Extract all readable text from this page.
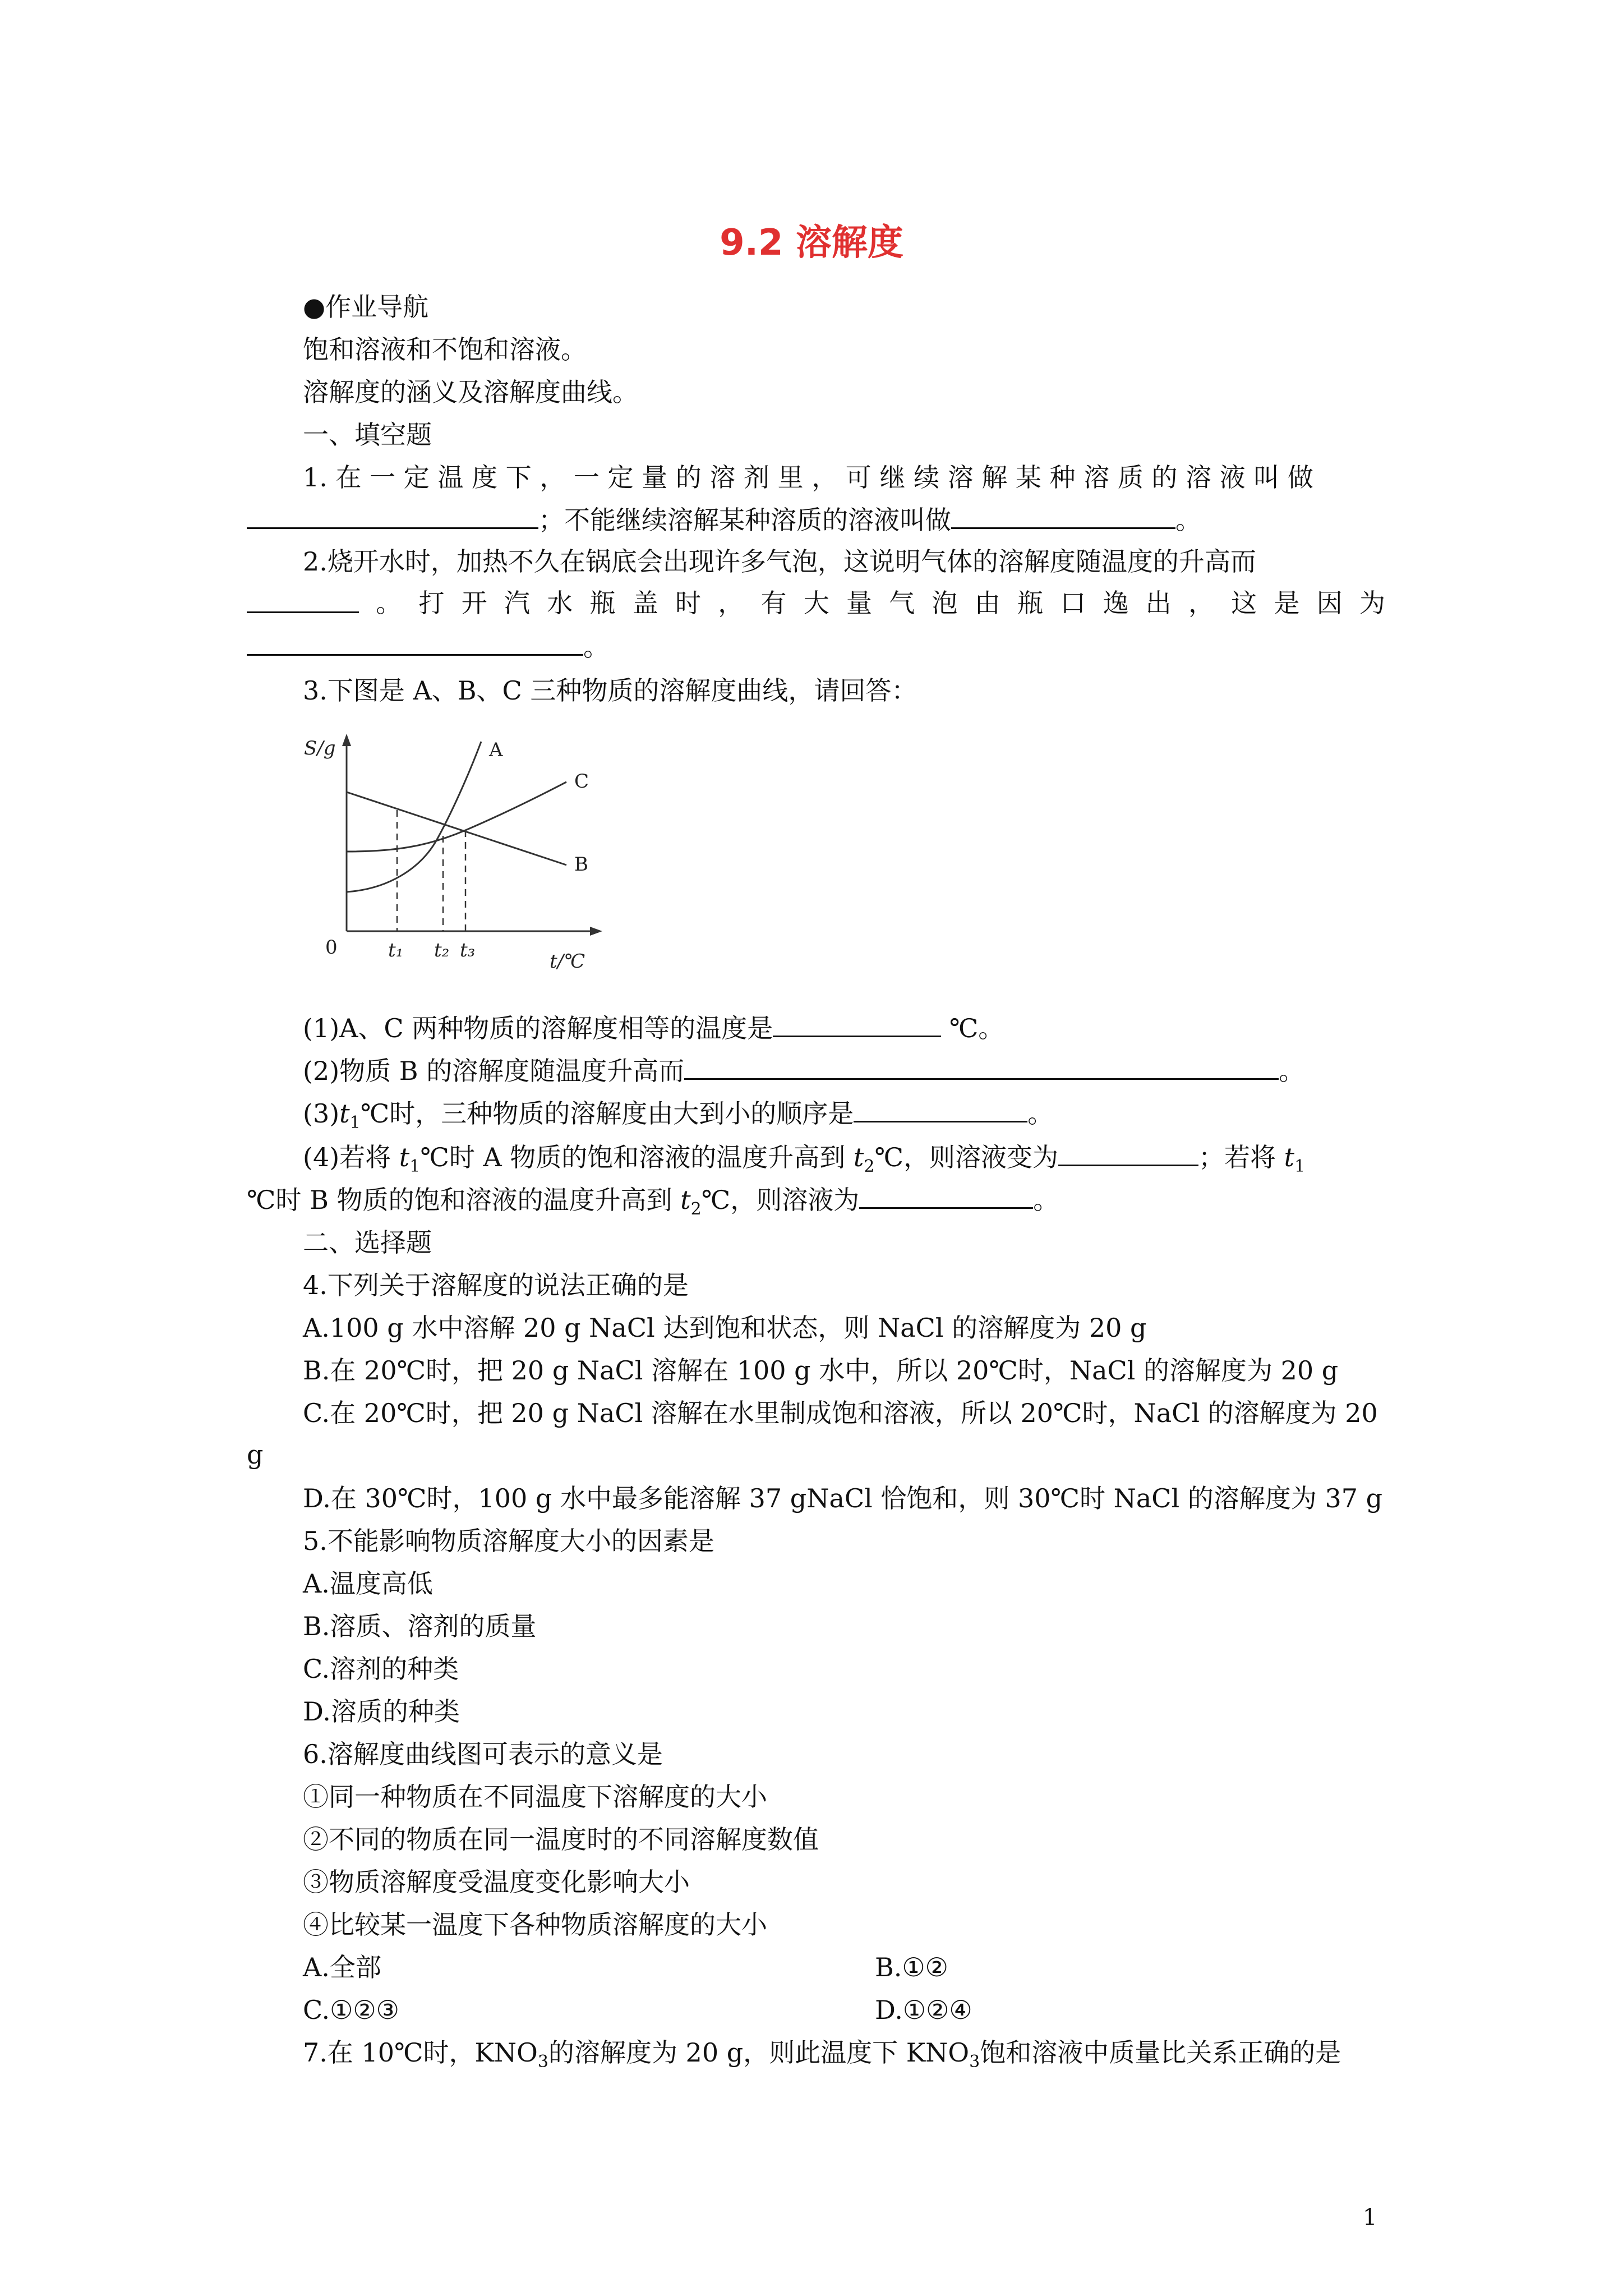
9.2 溶解度
●作业导航
饱和溶液和不饱和溶液。
溶解度的涵义及溶解度曲线。
一、填空题
1. 在 一 定 温 度 下 ， 一 定 量 的 溶 剂 里 ， 可 继 续 溶 解 某 种 溶 质 的 溶 液 叫 做
；不能继续溶解某种溶质的溶液叫做	。
2.烧开水时，加热不久在锅底会出现许多气泡，这说明气体的溶解度随温度的升高而
。 打 开 汽 水 瓶 盖 时 ， 有 大 量 气 泡 由 瓶 口 逸 出 ， 这 是 因 为
。
3.下图是 A、B、C 三种物质的溶解度曲线，请回答：
S/g
t/℃
0
A
C
B
t₁ t₂ t₃
(1)A、C 两种物质的溶解度相等的温度是	℃。
(2)物质 B 的溶解度随温度升高而	。
$(3)t_1℃$时，三种物质的溶解度由大到小的顺序是	。
(4)若将 $t_1℃$时 A 物质的饱和溶液的温度升高到 $t_2℃$，则溶液变为	；若将 $t_1$
℃时 B 物质的饱和溶液的温度升高到 $t_2℃$，则溶液为	。
二、选择题
4.下列关于溶解度的说法正确的是
A.100 g 水中溶解 20 g NaCl 达到饱和状态，则 NaCl 的溶解度为 20 g
B.在 20℃时，把 20 g NaCl 溶解在 100 g 水中，所以 20℃时，NaCl 的溶解度为 20 g
C.在 20℃时，把 20 g NaCl 溶解在水里制成饱和溶液，所以 20℃时，NaCl 的溶解度为 20
g
D.在 30℃时，100 g 水中最多能溶解 37 gNaCl 恰饱和，则 30℃时 NaCl 的溶解度为 37 g
5.不能影响物质溶解度大小的因素是
A.温度高低
B.溶质、溶剂的质量
C.溶剂的种类
D.溶质的种类
6.溶解度曲线图可表示的意义是
①同一种物质在不同温度下溶解度的大小
②不同的物质在同一温度时的不同溶解度数值
③物质溶解度受温度变化影响大小
④比较某一温度下各种物质溶解度的大小
A.全部	B.①②
C.①②③	D.①②④
7.在 10℃时，$KNO_3$的溶解度为 20 g，则此温度下 $KNO_3$饱和溶液中质量比关系正确的是
1
